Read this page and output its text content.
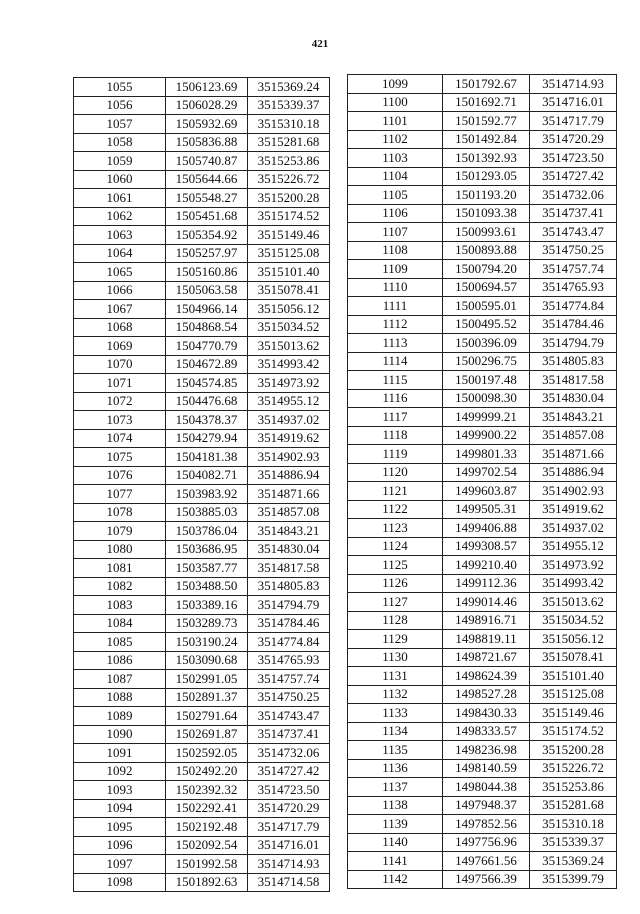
421
1055	1506123.69	3515369.24
1056	1506028.29	3515339.37
1057	1505932.69	3515310.18
1058	1505836.88	3515281.68
1059	1505740.87	3515253.86
1060	1505644.66	3515226.72
1061	1505548.27	3515200.28
1062	1505451.68	3515174.52
1063	1505354.92	3515149.46
1064	1505257.97	3515125.08
1065	1505160.86	3515101.40
1066	1505063.58	3515078.41
1067	1504966.14	3515056.12
1068	1504868.54	3515034.52
1069	1504770.79	3515013.62
1070	1504672.89	3514993.42
1071	1504574.85	3514973.92
1072	1504476.68	3514955.12
1073	1504378.37	3514937.02
1074	1504279.94	3514919.62
1075	1504181.38	3514902.93
1076	1504082.71	3514886.94
1077	1503983.92	3514871.66
1078	1503885.03	3514857.08
1079	1503786.04	3514843.21
1080	1503686.95	3514830.04
1081	1503587.77	3514817.58
1082	1503488.50	3514805.83
1083	1503389.16	3514794.79
1084	1503289.73	3514784.46
1085	1503190.24	3514774.84
1086	1503090.68	3514765.93
1087	1502991.05	3514757.74
1088	1502891.37	3514750.25
1089	1502791.64	3514743.47
1090	1502691.87	3514737.41
1091	1502592.05	3514732.06
1092	1502492.20	3514727.42
1093	1502392.32	3514723.50
1094	1502292.41	3514720.29
1095	1502192.48	3514717.79
1096	1502092.54	3514716.01
1097	1501992.58	3514714.93
1098	1501892.63	3514714.58
1099	1501792.67	3514714.93
1100	1501692.71	3514716.01
1101	1501592.77	3514717.79
1102	1501492.84	3514720.29
1103	1501392.93	3514723.50
1104	1501293.05	3514727.42
1105	1501193.20	3514732.06
1106	1501093.38	3514737.41
1107	1500993.61	3514743.47
1108	1500893.88	3514750.25
1109	1500794.20	3514757.74
1110	1500694.57	3514765.93
1111	1500595.01	3514774.84
1112	1500495.52	3514784.46
1113	1500396.09	3514794.79
1114	1500296.75	3514805.83
1115	1500197.48	3514817.58
1116	1500098.30	3514830.04
1117	1499999.21	3514843.21
1118	1499900.22	3514857.08
1119	1499801.33	3514871.66
1120	1499702.54	3514886.94
1121	1499603.87	3514902.93
1122	1499505.31	3514919.62
1123	1499406.88	3514937.02
1124	1499308.57	3514955.12
1125	1499210.40	3514973.92
1126	1499112.36	3514993.42
1127	1499014.46	3515013.62
1128	1498916.71	3515034.52
1129	1498819.11	3515056.12
1130	1498721.67	3515078.41
1131	1498624.39	3515101.40
1132	1498527.28	3515125.08
1133	1498430.33	3515149.46
1134	1498333.57	3515174.52
1135	1498236.98	3515200.28
1136	1498140.59	3515226.72
1137	1498044.38	3515253.86
1138	1497948.37	3515281.68
1139	1497852.56	3515310.18
1140	1497756.96	3515339.37
1141	1497661.56	3515369.24
1142	1497566.39	3515399.79
